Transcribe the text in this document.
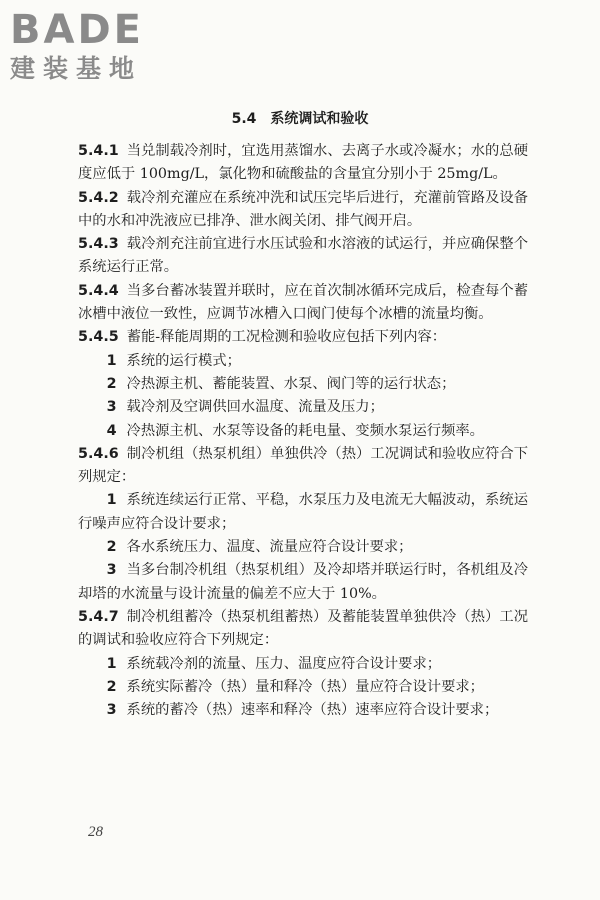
BADE
建装基地
5.4 系统调试和验收

5.4.1 当兑制载冷剂时，宜选用蒸馏水、去离子水或冷凝水；水的总硬度应低于 100mg/L，氯化物和硫酸盐的含量宜分别小于 25mg/L。

5.4.2 载冷剂充灌应在系统冲洗和试压完毕后进行，充灌前管路及设备中的水和冲洗液应已排净、泄水阀关闭、排气阀开启。

5.4.3 载冷剂充注前宜进行水压试验和水溶液的试运行，并应确保整个系统运行正常。

5.4.4 当多台蓄冰装置并联时，应在首次制冰循环完成后，检查每个蓄冰槽中液位一致性，应调节冰槽入口阀门使每个冰槽的流量均衡。

5.4.5 蓄能-释能周期的工况检测和验收应包括下列内容：

1 系统的运行模式；

2 冷热源主机、蓄能装置、水泵、阀门等的运行状态；

3 载冷剂及空调供回水温度、流量及压力；

4 冷热源主机、水泵等设备的耗电量、变频水泵运行频率。

5.4.6 制冷机组（热泵机组）单独供冷（热）工况调试和验收应符合下列规定：

1 系统连续运行正常、平稳，水泵压力及电流无大幅波动，系统运行噪声应符合设计要求；

2 各水系统压力、温度、流量应符合设计要求；

3 当多台制冷机组（热泵机组）及冷却塔并联运行时，各机组及冷却塔的水流量与设计流量的偏差不应大于 10%。

5.4.7 制冷机组蓄冷（热泵机组蓄热）及蓄能装置单独供冷（热）工况的调试和验收应符合下列规定：

1 系统载冷剂的流量、压力、温度应符合设计要求；

2 系统实际蓄冷（热）量和释冷（热）量应符合设计要求；

3 系统的蓄冷（热）速率和释冷（热）速率应符合设计要求；

28
